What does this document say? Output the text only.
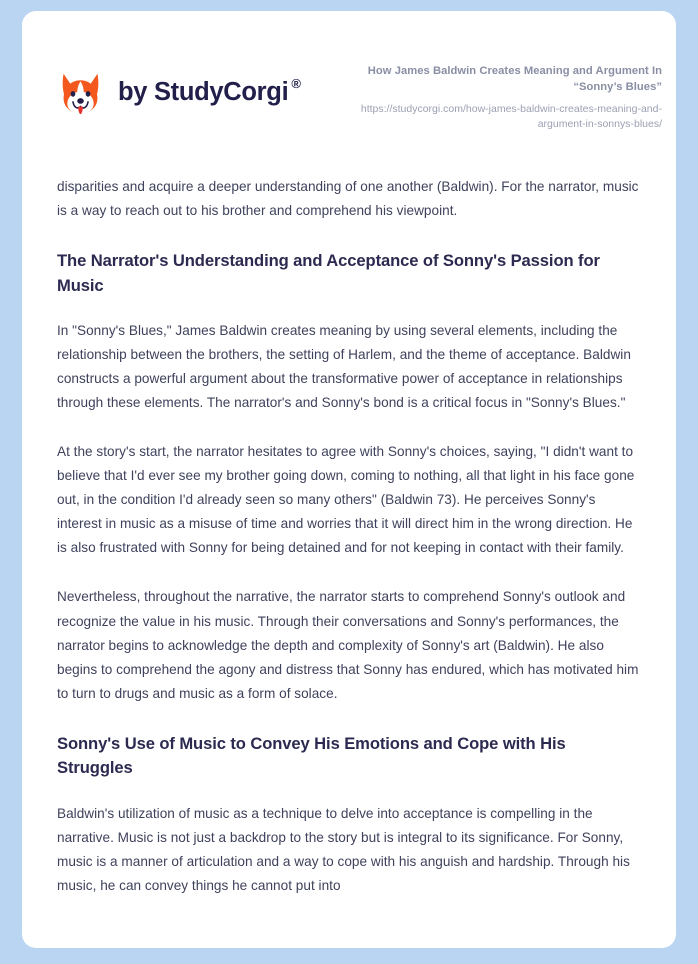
by StudyCorgi ®
How James Baldwin Creates Meaning and Argument In “Sonny’s Blues”
https://studycorgi.com/how-james-baldwin-creates-meaning-and-argument-in-sonnys-blues/

disparities and acquire a deeper understanding of one another (Baldwin). For the narrator, music is a way to reach out to his brother and comprehend his viewpoint.

The Narrator's Understanding and Acceptance of Sonny's Passion for Music

In "Sonny's Blues," James Baldwin creates meaning by using several elements, including the relationship between the brothers, the setting of Harlem, and the theme of acceptance. Baldwin constructs a powerful argument about the transformative power of acceptance in relationships through these elements. The narrator's and Sonny's bond is a critical focus in "Sonny's Blues."

At the story's start, the narrator hesitates to agree with Sonny's choices, saying, "I didn't want to believe that I'd ever see my brother going down, coming to nothing, all that light in his face gone out, in the condition I'd already seen so many others" (Baldwin 73). He perceives Sonny's interest in music as a misuse of time and worries that it will direct him in the wrong direction. He is also frustrated with Sonny for being detained and for not keeping in contact with their family.

Nevertheless, throughout the narrative, the narrator starts to comprehend Sonny's outlook and recognize the value in his music. Through their conversations and Sonny's performances, the narrator begins to acknowledge the depth and complexity of Sonny's art (Baldwin). He also begins to comprehend the agony and distress that Sonny has endured, which has motivated him to turn to drugs and music as a form of solace.

Sonny's Use of Music to Convey His Emotions and Cope with His Struggles

Baldwin's utilization of music as a technique to delve into acceptance is compelling in the narrative. Music is not just a backdrop to the story but is integral to its significance. For Sonny, music is a manner of articulation and a way to cope with his anguish and hardship. Through his music, he can convey things he cannot put into
